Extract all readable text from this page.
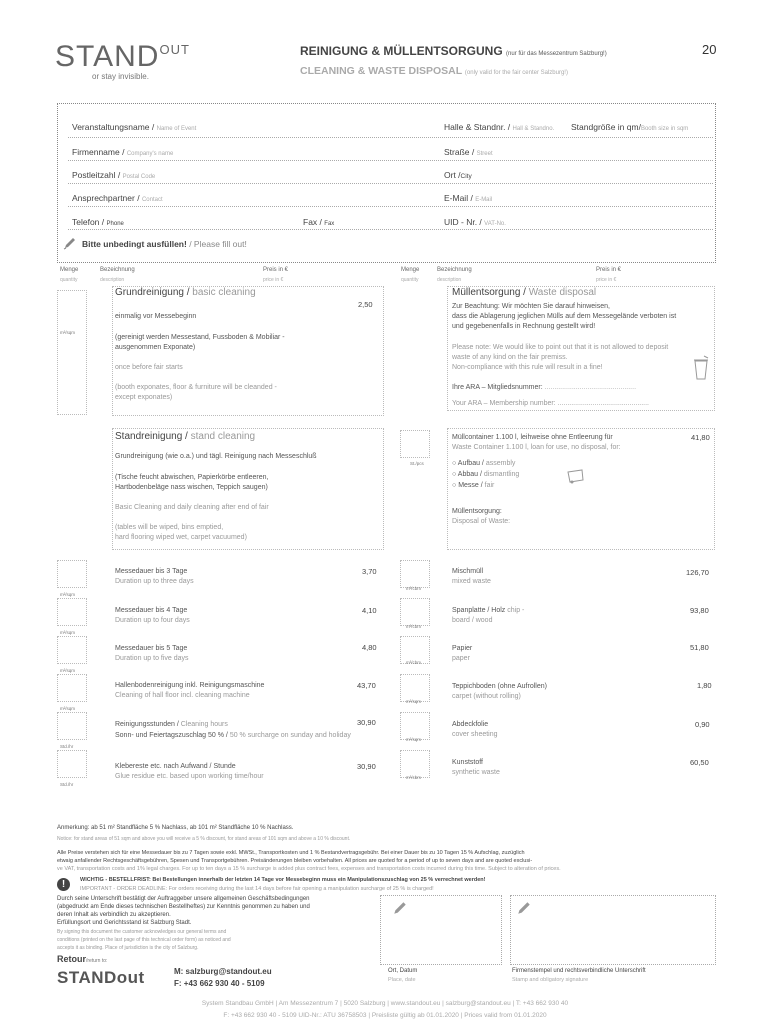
$STAND^{OUT}$
or stay invisible.
REINIGUNG & MÜLLENTSORGUNG (nur für das Messezentrum Salzburg!)
CLEANING & WASTE DISPOSAL (only valid for the fair center Salzburg!)
20
Veranstaltungsname / Name of Event	Halle & Standnr. / Hall & Standno. Standgröße in qm/Booth size in sqm
Firmenname / Company's name	Straße / Street
Postleitzahl / Postal Code	Ort /City
Ansprechpartner / Contact	E-Mail / E-Mail
Telefon / Phone	Fax / Fax	UID - Nr. / VAT-No.
Bitte unbedingt ausfüllen! / Please fill out!
Menge
quantity
Bezeichnung
description
Preis in €
price in €
Menge
quantity
Bezeichnung
description
Preis in €
price in €
m²/sqm
Grundreinigung / basic cleaning
2,50
einmalig vor Messebeginn
(gereinigt werden Messestand, Fussboden & Mobiliar -
ausgenommen Exponate)
once before fair starts
(booth exponates, floor & furniture will be cleanded -
except exponates)
Standreinigung / stand cleaning
Grundreinigung (wie o.a.) und tägl. Reinigung nach Messeschluß
(Tische feucht abwischen, Papierkörbe entleeren,
Hartbodenbeläge nass wischen, Teppich saugen)
Basic Cleaning and daily cleaning after end of fair
(tables will be wiped, bins emptied,
hard flooring wiped wet, carpet vacuumed)
m²/sqm
Messedauer bis 3 Tage
Duration up to three days
3,70
m²/sqm
Messedauer bis 4 Tage
Duration up to four days
4,10
m²/sqm
Messedauer bis 5 Tage
Duration up to five days
4,80
m²/sqm
Hallenbodenreinigung inkl. Reinigungsmaschine
Cleaning of hall floor incl. cleaning machine
43,70
Std./hr
Reinigungsstunden / Cleaning hours
Sonn- und Feiertagszuschlag 50 % / 50 % surcharge on sunday and holiday
30,90
Std./hr
Klebereste etc. nach Aufwand / Stunde
Glue residue etc. based upon working time/hour
30,90
Müllentsorgung / Waste disposal
Zur Beachtung: Wir möchten Sie darauf hinweisen,
dass die Ablagerung jeglichen Mülls auf dem Messegelände verboten ist
und gegebenenfalls in Rechnung gestellt wird!
Please note: We would like to point out that it is not allowed to deposit
waste of any kind on the fair premiss.
Non-compliance with this rule will result in a fine!
Ihre ARA – Mitgliedsnummer: ...............................................
Your ARA – Membership number: ...............................................
St./pcs
Müllcontainer 1.100 l, leihweise ohne Entleerung für
Waste Container 1.100 l, loan for use, no disposal, for:
41,80
○ Aufbau / assembly
○ Abbau / dismantling
○ Messe / fair
Müllentsorgung:
Disposal of Waste:
m³/cbm
Mischmüll
mixed waste
126,70
m³/cbm
Spanplatte / Holz chip -
board / wood
93,80
m³/cbm
Papier
paper
51,80
m²/sqm
Teppichboden (ohne Aufrollen)
carpet (without rolling)
1,80
m²/sqm
Abdeckfolie
cover sheeting
0,90
m³/cbm
Kunststoff
synthetic waste
60,50
Anmerkung: ab 51 m² Standfläche 5 % Nachlass, ab 101 m² Standfläche 10 % Nachlass.
Notice: for stand areas of 51 sqm and above you will receive a 5 % discount, for stand areas of 101 sqm and above a 10 % discount.
Alle Preise verstehen sich für eine Messedauer bis zu 7 Tagen sowie exkl. MWSt., Transportkosten und 1 % Bestandvertragsgebühr. Bei einer Dauer bis zu 10 Tagen 15 % Aufschlag, zuzüglich
etwaig anfallender Rechtsgeschäftsgebühren, Spesen und Transportgebühren. Preisänderungen bleiben vorbehalten. All prices are quoted for a period of up to seven days and are quoted exclusi-
ve VAT, transportation costs and 1% legal charges. For up to ten days a 15 % surcharge is added plus contract fees, expenses and transportation costs incurred during this time. Subject to alteration of prices.
!	WICHTIG - BESTELLFRIST: Bei Bestellungen innerhalb der letzten 14 Tage vor Messebeginn muss ein Manipulationszuschlag von 25 % verrechnet werden!
IMPORTANT - ORDER DEADLINE: For orders receiving during the last 14 days before fair opening a manipulation surcharge of 25 % is charged!
Durch seine Unterschrift bestätigt der Auftraggeber unsere allgemeinen Geschäftsbedingungen
(abgedruckt am Ende dieses technischen Bestellheftes) zur Kenntnis genommen zu haben und
deren Inhalt als verbindlich zu akzeptieren.
Erfüllungsort und Gerichtsstand ist Salzburg Stadt.
By signing this document the customer acknowledges our general terms and
conditions (printed on the last page of this technical order form) as noticed and
accepts it as binding. Place of jurisdiction is the city of Salzburg.
Ort, Datum
Place, date
Firmenstempel und rechtsverbindliche Unterschrift
Stamp and obligatory signature
Retour/return to:
STANDout	M: salzburg@standout.eu
F: +43 662 930 40 - 5109
System Standbau GmbH | Am Messezentrum 7 | 5020 Salzburg | www.standout.eu | salzburg@standout.eu | T: +43 662 930 40
F: +43 662 930 40 - 5109 UID-Nr.: ATU 36758503 | Preisliste gültig ab 01.01.2020 | Prices valid from 01.01.2020
